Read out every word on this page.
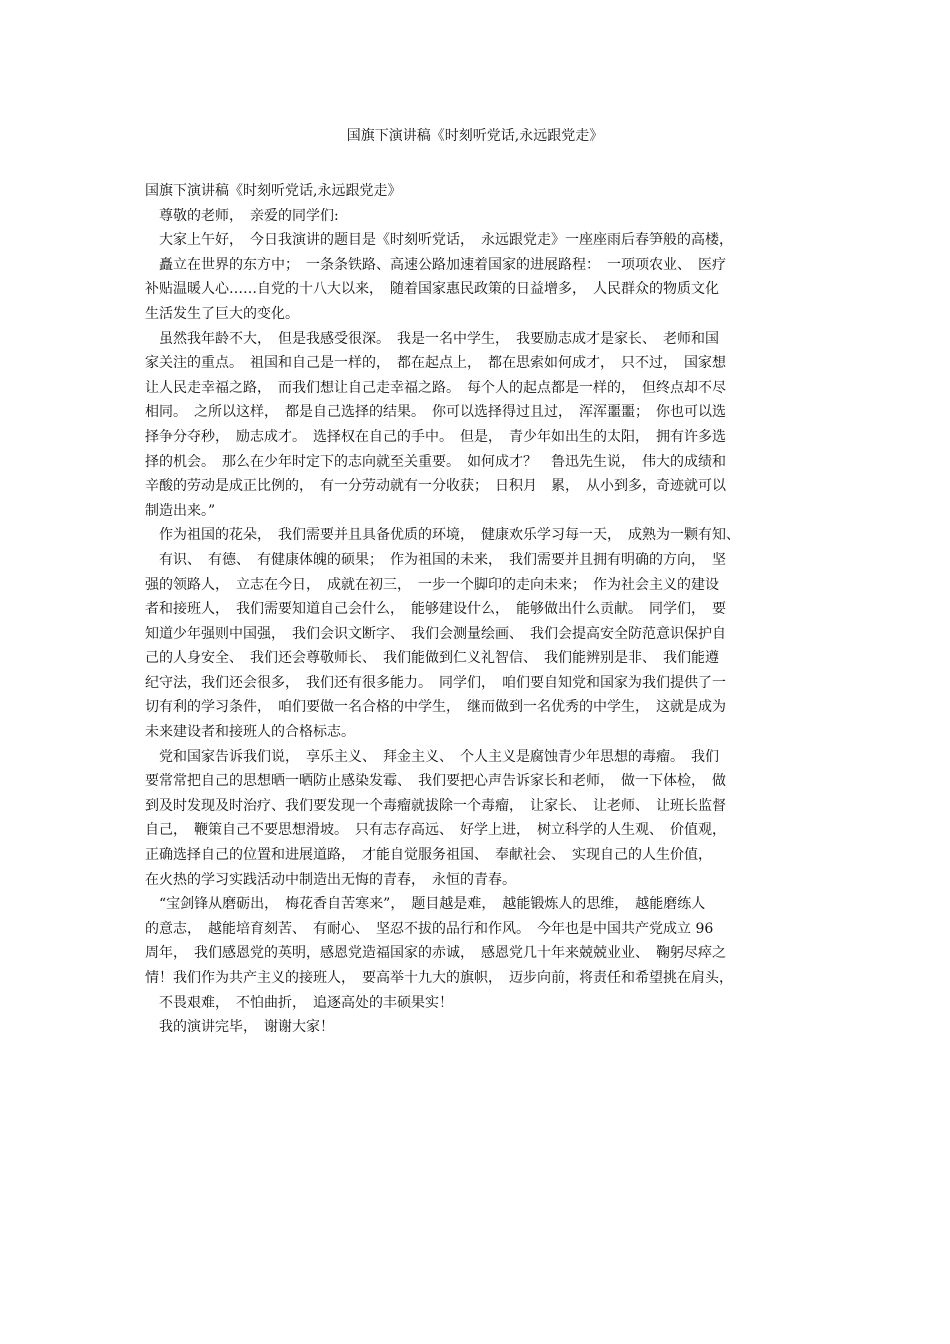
国旗下演讲稿《时刻听党话,永远跟党走》
国旗下演讲稿《时刻听党话,永远跟党走》
　尊敬的老师，　亲爱的同学们:
　大家上午好，　今日我演讲的题目是《时刻听党话，　永远跟党走》一座座雨后春笋般的高楼，
　矗立在世界的东方中；　一条条铁路、高速公路加速着国家的进展路程：　一项项农业、　医疗
补贴温暖人心……自党的十八大以来，　随着国家惠民政策的日益增多，　人民群众的物质文化
生活发生了巨大的变化。
　虽然我年龄不大，　但是我感受很深。　我是一名中学生，　我要励志成才是家长、　老师和国
家关注的重点。　祖国和自己是一样的，　都在起点上，　都在思索如何成才，　只不过，　国家想
让人民走幸福之路，　而我们想让自己走幸福之路。　每个人的起点都是一样的，　但终点却不尽
相同。　之所以这样，　都是自己选择的结果。　你可以选择得过且过，　浑浑噩噩；　你也可以选
择争分夺秒，　励志成才。　选择权在自己的手中。　但是，　青少年如出生的太阳，　拥有许多选
择的机会。　那么在少年时定下的志向就至关重要。　如何成才？　鲁迅先生说，　伟大的成绩和
辛酸的劳动是成正比例的，　有一分劳动就有一分收获；　日积月　累，　从小到多，奇迹就可以
制造出来。”
　作为祖国的花朵，　我们需要并且具备优质的环境，　健康欢乐学习每一天，　成熟为一颗有知、
　有识、　有德、　有健康体魄的硕果；　作为祖国的未来，　我们需要并且拥有明确的方向，　坚
强的领路人，　立志在今日，　成就在初三，　一步一个脚印的走向未来；　作为社会主义的建设
者和接班人，　我们需要知道自己会什么，　能够建设什么，　能够做出什么贡献。　同学们，　要
知道少年强则中国强，　我们会识文断字、　我们会测量绘画、　我们会提高安全防范意识保护自
己的人身安全、　我们还会尊敬师长、　我们能做到仁义礼智信、　我们能辨别是非、　我们能遵
纪守法，我们还会很多，　我们还有很多能力。　同学们，　咱们要自知党和国家为我们提供了一
切有利的学习条件，　咱们要做一名合格的中学生，　继而做到一名优秀的中学生，　这就是成为
未来建设者和接班人的合格标志。
　党和国家告诉我们说，　享乐主义、　拜金主义、　个人主义是腐蚀青少年思想的毒瘤。　我们
要常常把自己的思想晒一晒防止感染发霉、　我们要把心声告诉家长和老师，　做一下体检，　做
到及时发现及时治疗、我们要发现一个毒瘤就拔除一个毒瘤，　让家长、　让老师、　让班长监督
自己，　鞭策自己不要思想滑坡。　只有志存高远、　好学上进，　树立科学的人生观、　价值观，
正确选择自己的位置和进展道路，　才能自觉服务祖国、　奉献社会、　实现自己的人生价值，
在火热的学习实践活动中制造出无悔的青春，　永恒的青春。
　“宝剑锋从磨砺出，　梅花香自苦寒来”，　题目越是难，　越能锻炼人的思维，　越能磨练人
的意志，　越能培育刻苦、　有耐心、　坚忍不拔的品行和作风。　今年也是中国共产党成立 96
周年，　我们感恩党的英明，感恩党造福国家的赤诚，　感恩党几十年来兢兢业业、　鞠躬尽瘁之
情！我们作为共产主义的接班人，　要高举十九大的旗帜，　迈步向前，将责任和希望挑在肩头，
　不畏艰难，　不怕曲折，　追逐高处的丰硕果实！
　我的演讲完毕，　谢谢大家！
